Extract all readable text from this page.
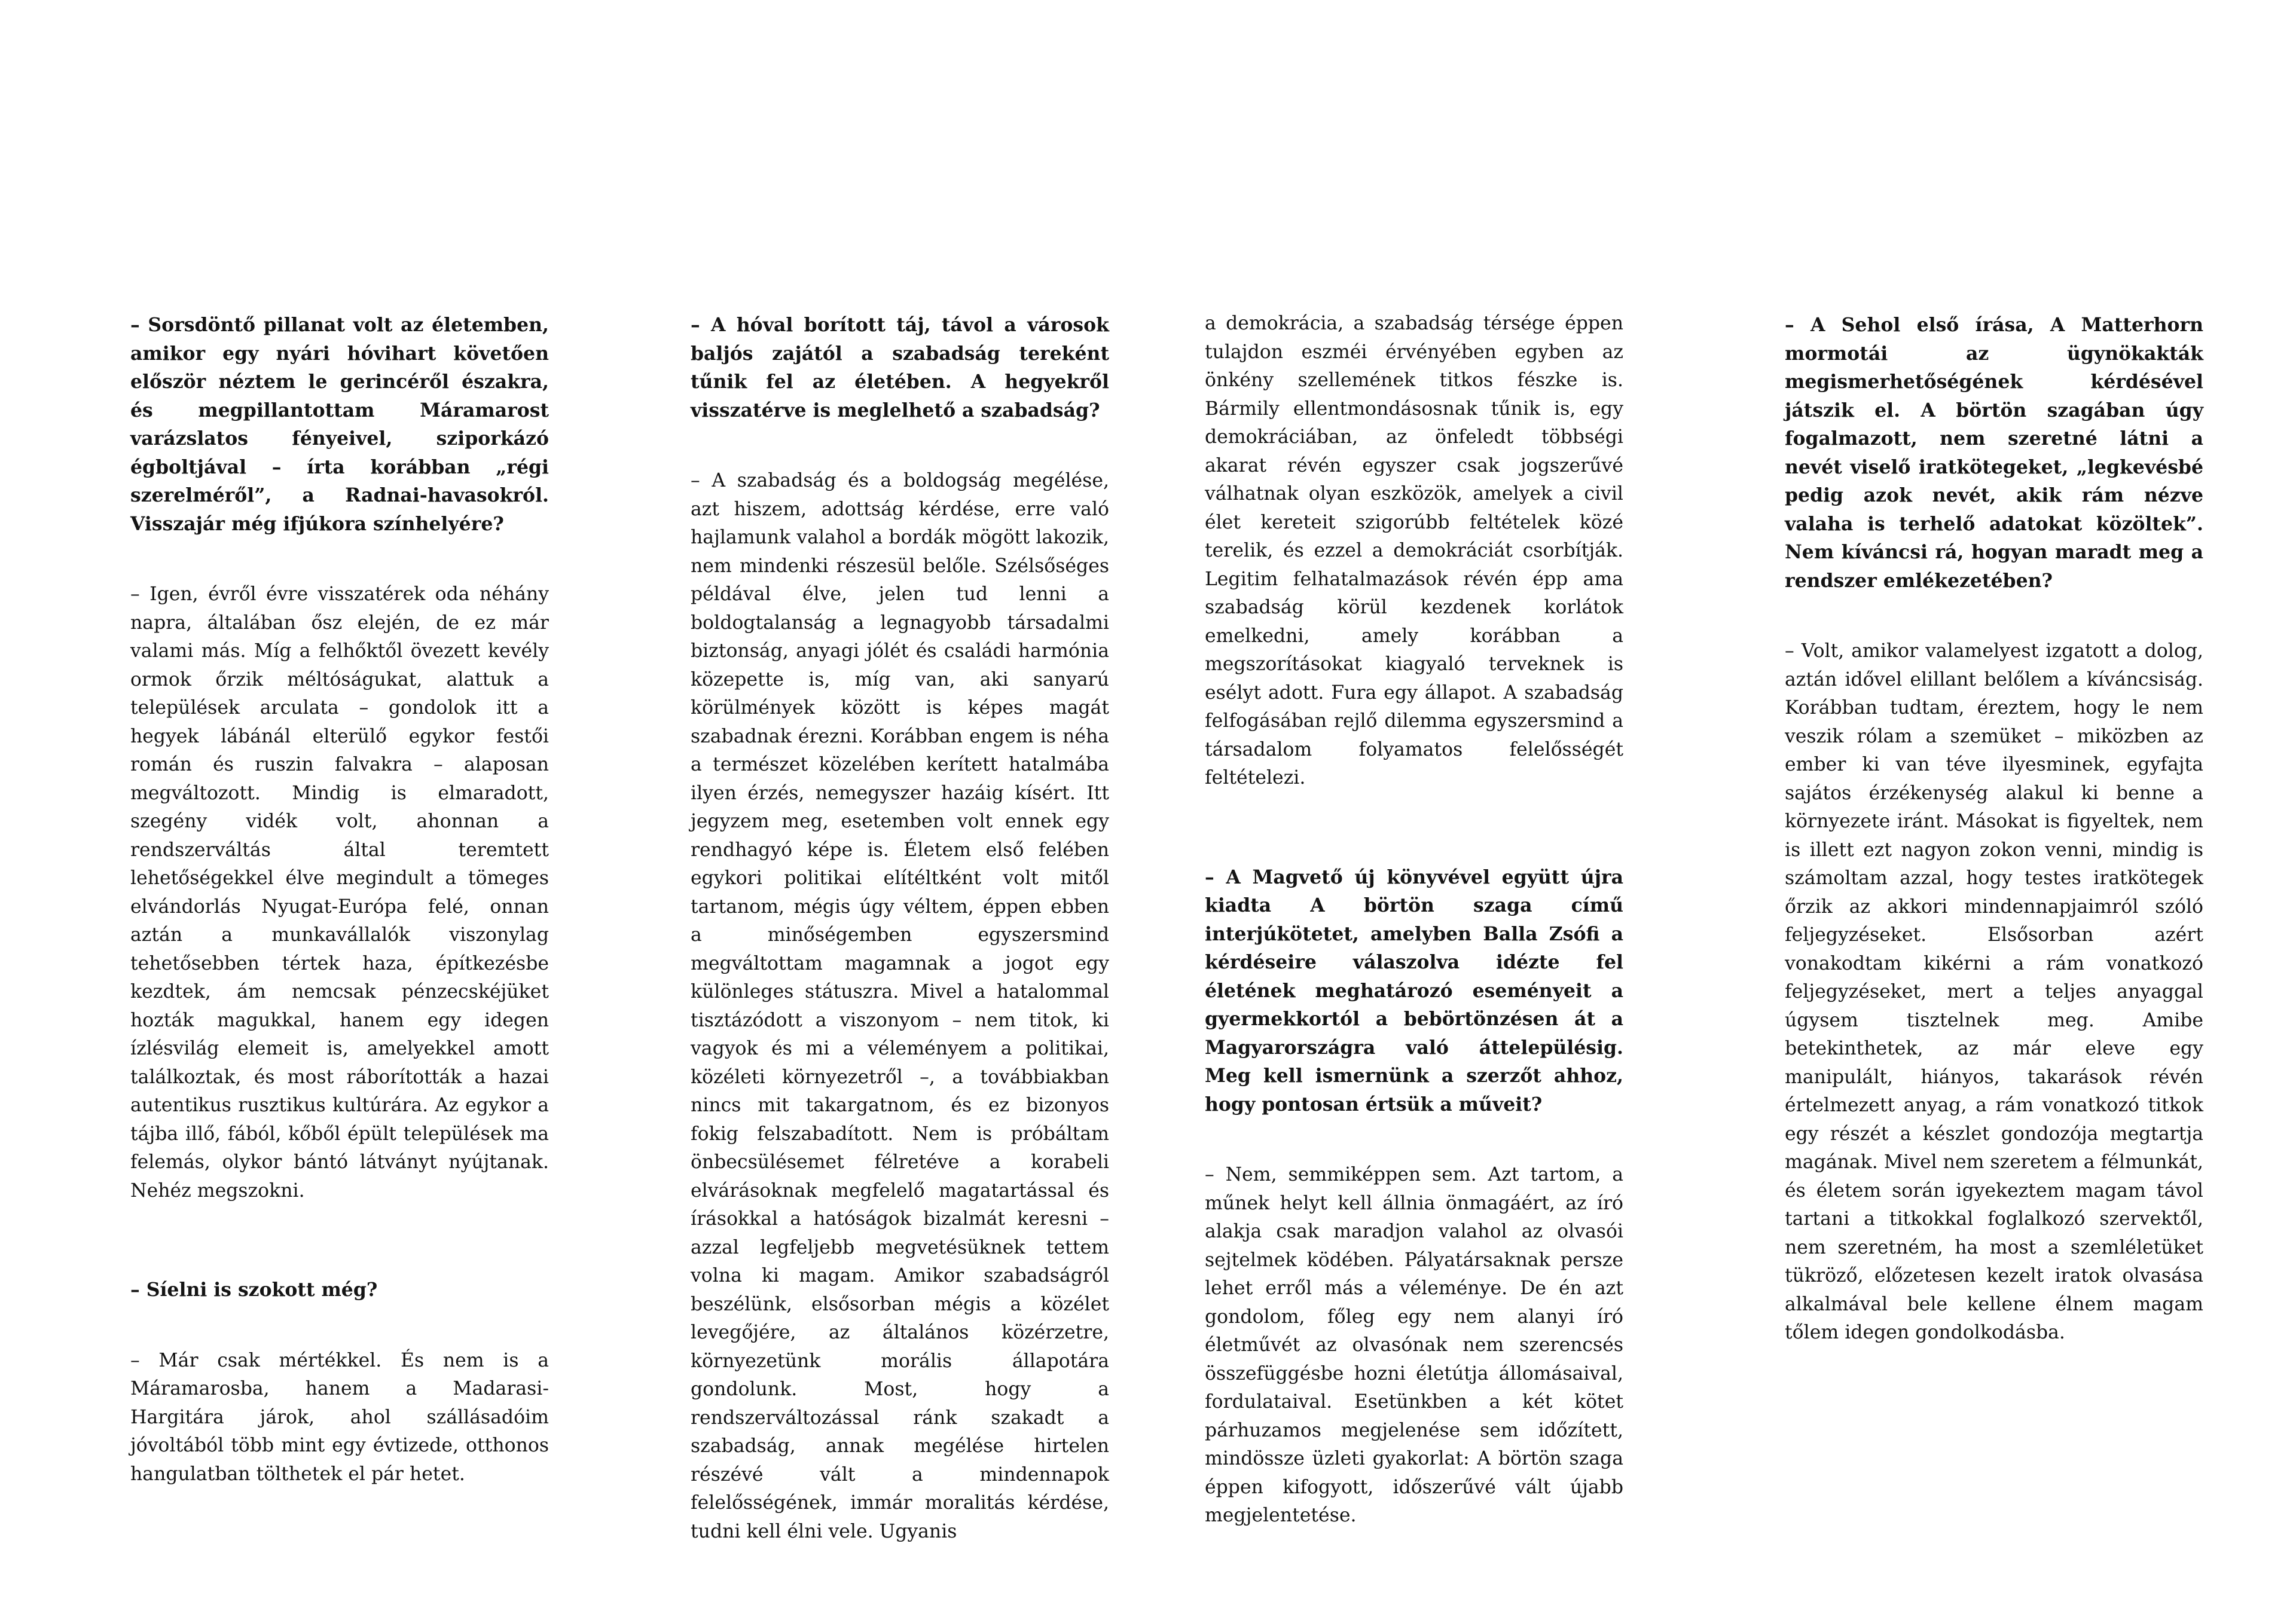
– Sorsdöntő pillanat volt az életemben, amikor egy nyári hóvihart követően először néztem le gerincéről északra, és megpillantottam Máramarost varázslatos fényeivel, sziporkázó égboltjával – írta korábban „régi szerelméről”, a Radnai-havasokról. Visszajár még ifjúkora színhelyére?

– Igen, évről évre visszatérek oda néhány napra, általában ősz elején, de ez már valami más. Míg a felhőktől övezett kevély ormok őrzik méltóságukat, alattuk a települések arculata – gondolok itt a hegyek lábánál elterülő egykor festői román és ruszin falvakra – alaposan megváltozott. Mindig is elmaradott, szegény vidék volt, ahonnan a rendszerváltás által teremtett lehetőségekkel élve megindult a tömeges elvándorlás Nyugat-Európa felé, onnan aztán a munkavállalók viszonylag tehetősebben tértek haza, építkezésbe kezdtek, ám nemcsak pénzecskéjüket hozták magukkal, hanem egy idegen ízlésvilág elemeit is, amelyekkel amott találkoztak, és most ráborították a hazai autentikus rusztikus kultúrára. Az egykor a tájba illő, fából, kőből épült települések ma felemás, olykor bántó látványt nyújtanak. Nehéz megszokni.

– Síelni is szokott még?

– Már csak mértékkel. És nem is a Máramarosba, hanem a Madarasi-Hargitára járok, ahol szállásadóim jóvoltából több mint egy évtizede, otthonos hangulatban tölthetek el pár hetet.

– A hóval borított táj, távol a városok baljós zajától a szabadság tereként tűnik fel az életében. A hegyekről visszatérve is meglelhető a szabadság?

– A szabadság és a boldogság megélése, azt hiszem, adottság kérdése, erre való hajlamunk valahol a bordák mögött lakozik, nem mindenki részesül belőle. Szélsőséges példával élve, jelen tud lenni a boldogtalanság a legnagyobb társadalmi biztonság, anyagi jólét és családi harmónia közepette is, míg van, aki sanyarú körülmények között is képes magát szabadnak érezni. Korábban engem is néha a természet közelében kerített hatalmába ilyen érzés, nemegyszer hazáig kísért. Itt jegyzem meg, esetemben volt ennek egy rendhagyó képe is. Életem első felében egykori politikai elítéltként volt mitől tartanom, mégis úgy véltem, éppen ebben a minőségemben egyszersmind megváltottam magamnak a jogot egy különleges státuszra. Mivel a hatalommal tisztázódott a viszonyom – nem titok, ki vagyok és mi a véleményem a politikai, közéleti környezetről –, a továbbiakban nincs mit takargatnom, és ez bizonyos fokig felszabadított. Nem is próbáltam önbecsülésemet félretéve a korabeli elvárásoknak megfelelő magatartással és írásokkal a hatóságok bizalmát keresni – azzal legfeljebb megvetésüknek tettem volna ki magam. Amikor szabadságról beszélünk, elsősorban mégis a közélet levegőjére, az általános közérzetre, környezetünk morális állapotára gondolunk. Most, hogy a rendszerváltozással ránk szakadt a szabadság, annak megélése hirtelen részévé vált a mindennapok felelősségének, immár moralitás kérdése, tudni kell élni vele. Ugyanis

a demokrácia, a szabadság térsége éppen tulajdon eszméi érvényében egyben az önkény szellemének titkos fészke is. Bármily ellentmondásosnak tűnik is, egy demokráciában, az önfeledt többségi akarat révén egyszer csak jogszerűvé válhatnak olyan eszközök, amelyek a civil élet kereteit szigorúbb feltételek közé terelik, és ezzel a demokráciát csorbítják. Legitim felhatalmazások révén épp ama szabadság körül kezdenek korlátok emelkedni, amely korábban a megszorításokat kiagyaló terveknek is esélyt adott. Fura egy állapot. A szabadság felfogásában rejlő dilemma egyszersmind a társadalom folyamatos felelősségét feltételezi.

– A Magvető új könyvével együtt újra kiadta A börtön szaga című interjúkötetet, amelyben Balla Zsófi a kérdéseire válaszolva idézte fel életének meghatározó eseményeit a gyermekkortól a bebörtönzésen át a Magyarországra való áttelepülésig. Meg kell ismernünk a szerzőt ahhoz, hogy pontosan értsük a műveit?

– Nem, semmiképpen sem. Azt tartom, a műnek helyt kell állnia önmagáért, az író alakja csak maradjon valahol az olvasói sejtelmek ködében. Pályatársaknak persze lehet erről más a véleménye. De én azt gondolom, főleg egy nem alanyi író életművét az olvasónak nem szerencsés összefüggésbe hozni életútja állomásaival, fordulataival. Esetünkben a két kötet párhuzamos megjelenése sem időzített, mindössze üzleti gyakorlat: A börtön szaga éppen kifogyott, időszerűvé vált újabb megjelentetése.

– A Sehol első írása, A Matterhorn mormotái az ügynökakták megismerhetőségének kérdésével játszik el. A börtön szagában úgy fogalmazott, nem szeretné látni a nevét viselő iratkötegeket, „legkevésbé pedig azok nevét, akik rám nézve valaha is terhelő adatokat közöltek”. Nem kíváncsi rá, hogyan maradt meg a rendszer emlékezetében?

– Volt, amikor valamelyest izgatott a dolog, aztán idővel elillant belőlem a kíváncsiság. Korábban tudtam, éreztem, hogy le nem veszik rólam a szemüket – miközben az ember ki van téve ilyesminek, egyfajta sajátos érzékenység alakul ki benne a környezete iránt. Másokat is figyeltek, nem is illett ezt nagyon zokon venni, mindig is számoltam azzal, hogy testes iratkötegek őrzik az akkori mindennapjaimról szóló feljegyzéseket. Elsősorban azért vonakodtam kikérni a rám vonatkozó feljegyzéseket, mert a teljes anyaggal úgysem tisztelnek meg. Amibe betekinthetek, az már eleve egy manipulált, hiányos, takarások révén értelmezett anyag, a rám vonatkozó titkok egy részét a készlet gondozója megtartja magának. Mivel nem szeretem a félmunkát, és életem során igyekeztem magam távol tartani a titkokkal foglalkozó szervektől, nem szeretném, ha most a szemléletüket tükröző, előzetesen kezelt iratok olvasása alkalmával bele kellene élnem magam tőlem idegen gondolkodásba.
